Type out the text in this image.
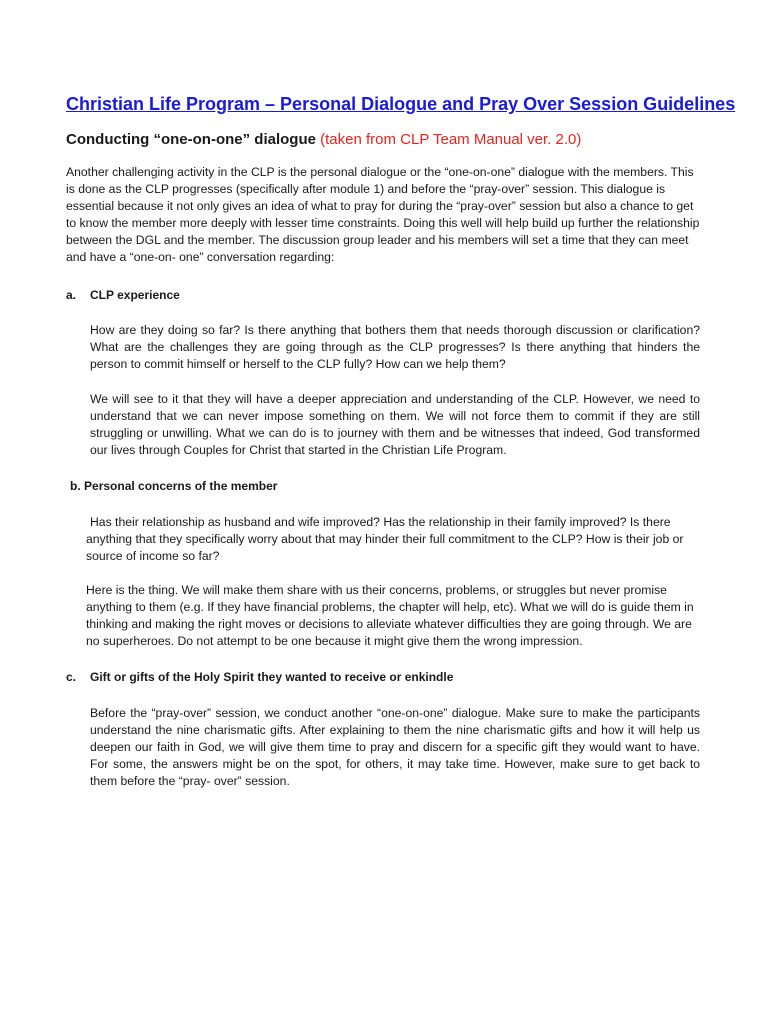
Christian Life Program – Personal Dialogue and Pray Over Session Guidelines
Conducting “one-on-one” dialogue (taken from CLP Team Manual ver. 2.0)

Another challenging activity in the CLP is the personal dialogue or the “one-on-one” dialogue with the members. This is done as the CLP progresses (specifically after module 1) and before the “pray-over” session. This dialogue is essential because it not only gives an idea of what to pray for during the “pray-over” session but also a chance to get to know the member more deeply with lesser time constraints. Doing this well will help build up further the relationship between the DGL and the member. The discussion group leader and his members will set a time that they can meet and have a “one-on- one” conversation regarding:

a. CLP experience

How are they doing so far? Is there anything that bothers them that needs thorough discussion or clarification? What are the challenges they are going through as the CLP progresses? Is there anything that hinders the person to commit himself or herself to the CLP fully? How can we help them?

We will see to it that they will have a deeper appreciation and understanding of the CLP. However, we need to understand that we can never impose something on them. We will not force them to commit if they are still struggling or unwilling. What we can do is to journey with them and be witnesses that indeed, God transformed our lives through Couples for Christ that started in the Christian Life Program.

b. Personal concerns of the member

Has their relationship as husband and wife improved? Has the relationship in their family improved? Is there anything that they specifically worry about that may hinder their full commitment to the CLP? How is their job or source of income so far?

Here is the thing. We will make them share with us their concerns, problems, or struggles but never promise anything to them (e.g. If they have financial problems, the chapter will help, etc). What we will do is guide them in thinking and making the right moves or decisions to alleviate whatever difficulties they are going through. We are no superheroes. Do not attempt to be one because it might give them the wrong impression.

c. Gift or gifts of the Holy Spirit they wanted to receive or enkindle

Before the “pray-over” session, we conduct another “one-on-one” dialogue. Make sure to make the participants understand the nine charismatic gifts. After explaining to them the nine charismatic gifts and how it will help us deepen our faith in God, we will give them time to pray and discern for a specific gift they would want to have. For some, the answers might be on the spot, for others, it may take time. However, make sure to get back to them before the “pray- over” session.
